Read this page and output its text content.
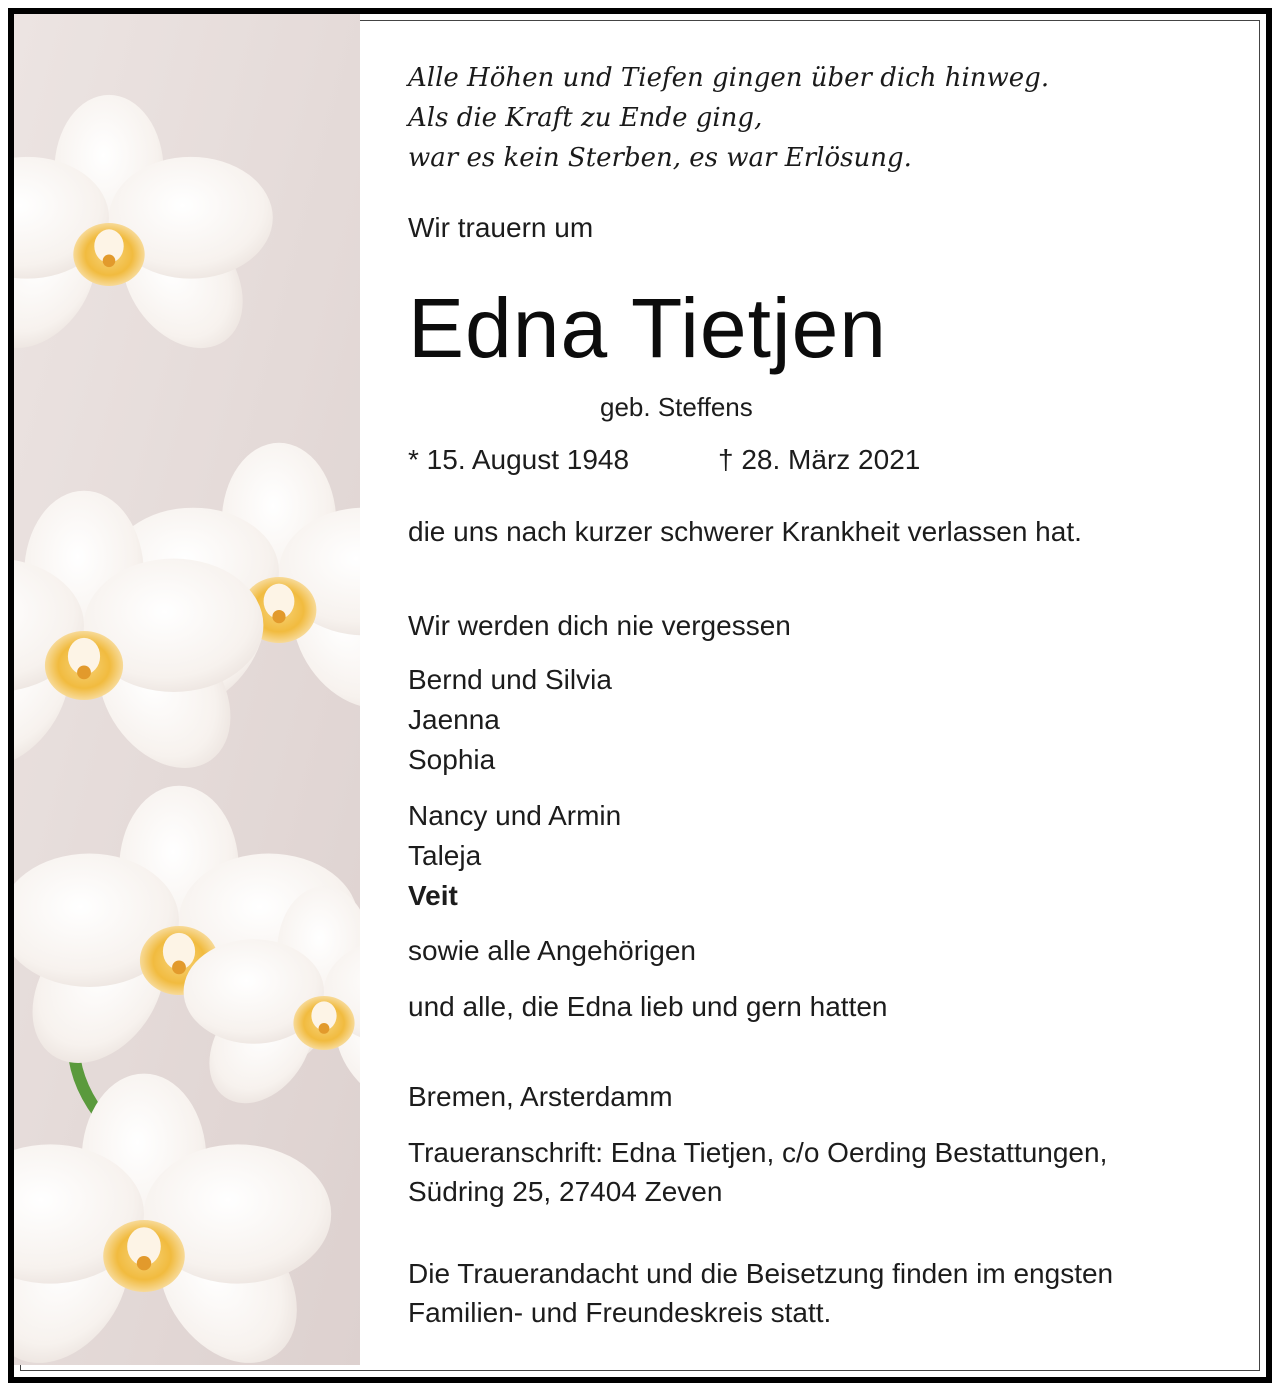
Alle Höhen und Tiefen gingen über dich hinweg.
Als die Kraft zu Ende ging,
war es kein Sterben, es war Erlösung.

Wir trauern um

Edna Tietjen

geb. Steffens

* 15. August 1948	† 28. März 2021

die uns nach kurzer schwerer Krankheit verlassen hat.

Wir werden dich nie vergessen

Bernd und Silvia

Jaenna

Sophia

Nancy und Armin

Taleja

Veit

sowie alle Angehörigen

und alle, die Edna lieb und gern hatten

Bremen, Arsterdamm

Traueranschrift: Edna Tietjen, c/o Oerding Bestattungen,

Südring 25, 27404 Zeven

Die Trauerandacht und die Beisetzung finden im engsten

Familien- und Freundeskreis statt.
